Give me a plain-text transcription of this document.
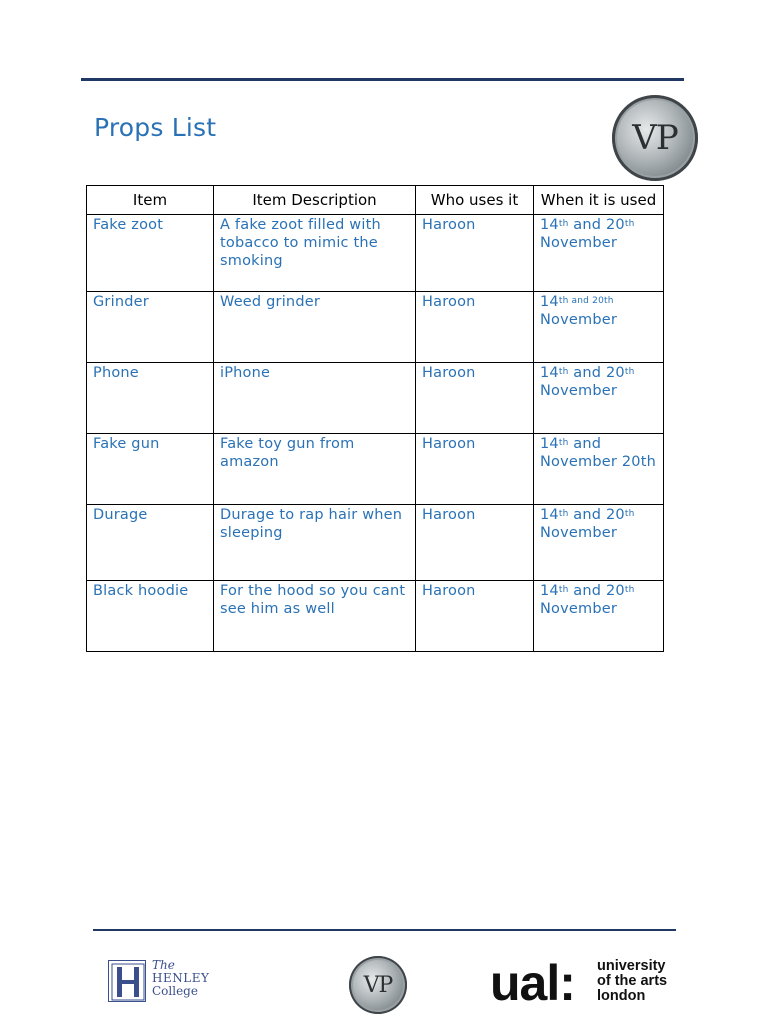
Props List	VP
Item	Item Description	Who uses it	When it is used
Fake zoot	A fake zoot filled with tobacco to mimic the smoking	Haroon	14th and 20th
November
Grinder	Weed grinder	Haroon	$14^{th and 20th}$
November
Phone	iPhone	Haroon	14th and 20th
November
Fake gun	Fake toy gun from amazon	Haroon	14th and
November 20th
Durage	Durage to rap hair when sleeping	Haroon	14th and 20th
November
Black hoodie	For the hood so you cant see him as well	Haroon	14th and 20th
November
The
HENLEY
College	VP ual: university
of the arts
london
